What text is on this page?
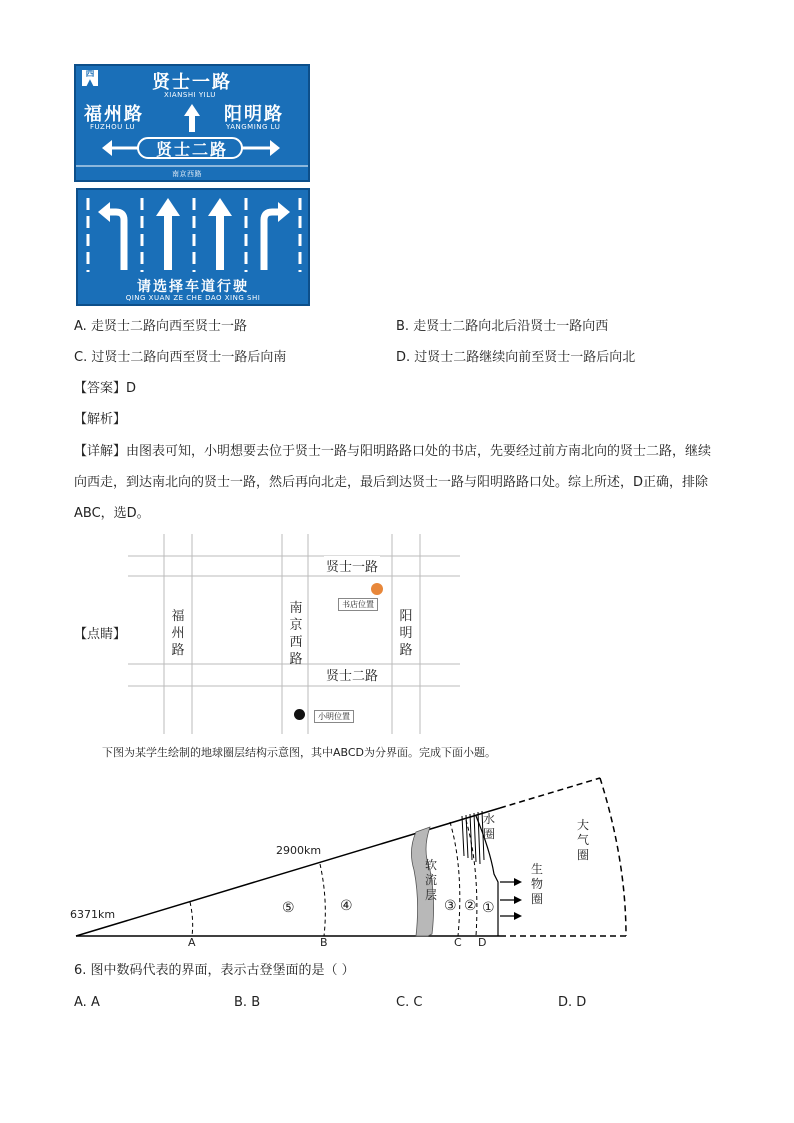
西
▲	贤士一路
XIANSHI YILU
福州路
FUZHOU LU
阳明路
YANGMING LU
贤士二路
南京西路
请选择车道行驶
QING XUAN ZE CHE DAO XING SHI
A. 走贤士二路向西至贤士一路	B. 走贤士二路向北后沿贤士一路向西
C. 过贤士二路向西至贤士一路后向南	D. 过贤士二路继续向前至贤士一路后向北
【答案】D
【解析】
【详解】由图表可知，小明想要去位于贤士一路与阳明路路口处的书店，先要经过前方南北向的贤士二路，继续向西走，到达南北向的贤士一路，然后再向北走，最后到达贤士一路与阳明路路口处。综上所述，D正确，排除ABC，选D。
【点睛】
福州路
南京西路
阳明路
贤士一路
贤士二路
书店位置
小明位置
下图为某学生绘制的地球圈层结构示意图，其中ABCD为分界面。完成下面小题。
6371km
2900km
A	B	C D
⑤	④	③ ② ①
软流层
水圈
生物圈
大气圈
6. 图中数码代表的界面，表示古登堡面的是（ ）
A. A	B. B	C. C	D. D
